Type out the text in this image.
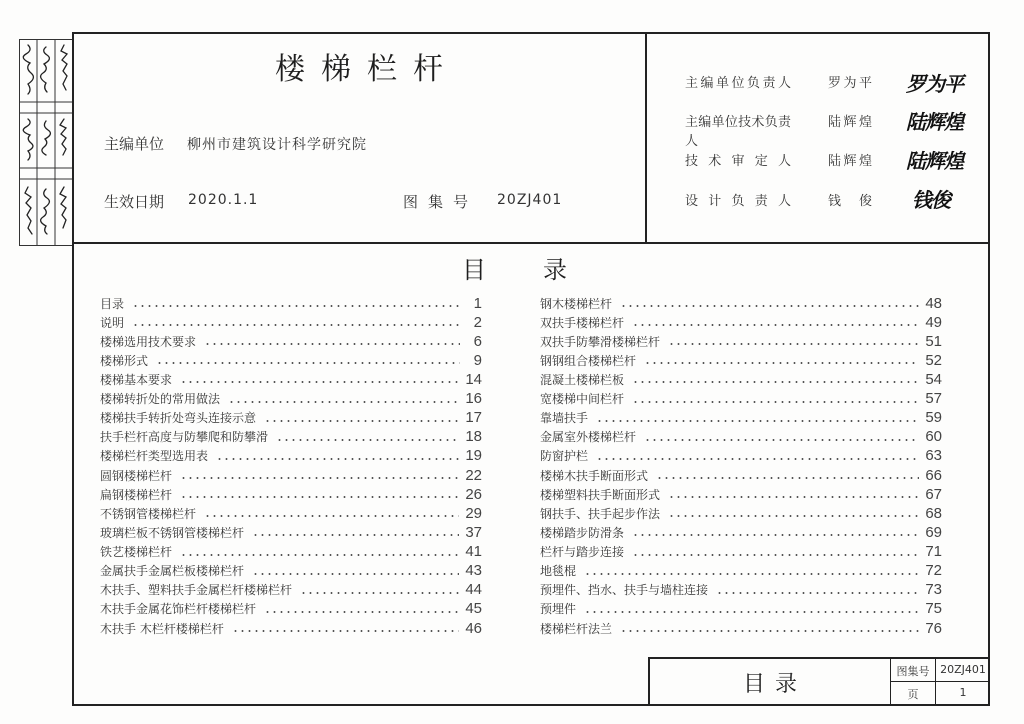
楼梯栏杆
主编单位 柳州市建筑设计科学研究院
生效日期 2020.1.1	图集号 20ZJ401
主编单位负责人	罗为平 罗为平
主编单位技术负责人
陆辉煌 陆辉煌
技术审定人	陆辉煌 陆辉煌
设计负责人	钱俊 钱俊
目录
目录	1
说明	2
楼梯选用技术要求	6
楼梯形式	9
楼梯基本要求	14
楼梯转折处的常用做法	16
楼梯扶手转折处弯头连接示意	17
扶手栏杆高度与防攀爬和防攀滑	18
楼梯栏杆类型选用表	19
圆钢楼梯栏杆	22
扁钢楼梯栏杆	26
不锈钢管楼梯栏杆	29
玻璃栏板不锈钢管楼梯栏杆	37
铁艺楼梯栏杆	41
金属扶手金属栏板楼梯栏杆	43
木扶手、塑料扶手金属栏杆楼梯栏杆	44
木扶手金属花饰栏杆楼梯栏杆	45
木扶手 木栏杆楼梯栏杆	46
钢木楼梯栏杆	48
双扶手楼梯栏杆	49
双扶手防攀滑楼梯栏杆	51
钢钢组合楼梯栏杆	52
混凝土楼梯栏板	54
宽楼梯中间栏杆	57
靠墙扶手	59
金属室外楼梯栏杆	60
防窗护栏	63
楼梯木扶手断面形式	66
楼梯塑料扶手断面形式	67
钢扶手、扶手起步作法	68
楼梯踏步防滑条	69
栏杆与踏步连接	71
地毯棍	72
预埋件、挡水、扶手与墙柱连接	73
预埋件	75
楼梯栏杆法兰	76
目录
图集号 20ZJ401
页	1
